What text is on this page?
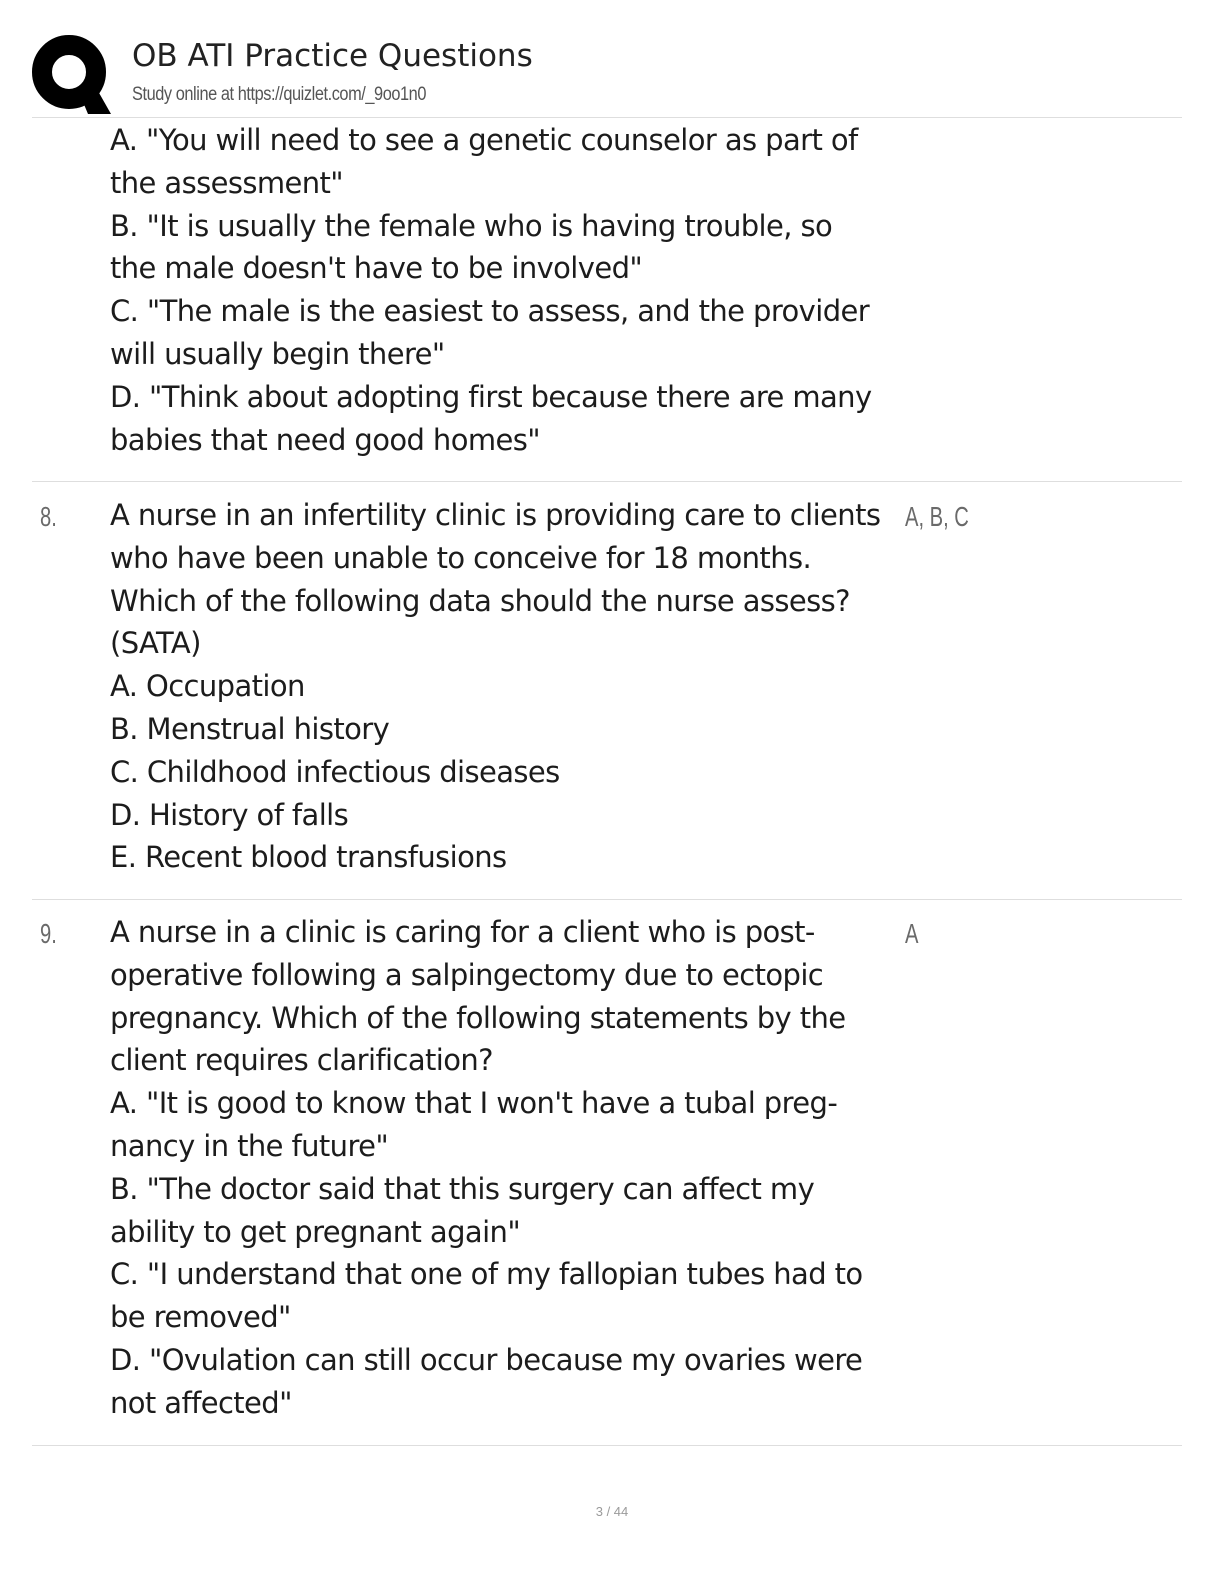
OB ATI Practice Questions
Study online at https://quizlet.com/_9oo1n0
A. "You will need to see a genetic counselor as part of
the assessment"
B. "It is usually the female who is having trouble, so
the male doesn't have to be involved"
C. "The male is the easiest to assess, and the provider
will usually begin there"
D. "Think about adopting first because there are many
babies that need good homes"
8. A nurse in an infertility clinic is providing care to clients
who have been unable to conceive for 18 months.
Which of the following data should the nurse assess?
(SATA)
A. Occupation
B. Menstrual history
C. Childhood infectious diseases
D. History of falls
E. Recent blood transfusions
A, B, C
9. A nurse in a clinic is caring for a client who is post-
operative following a salpingectomy due to ectopic
pregnancy. Which of the following statements by the
client requires clarification?
A. "It is good to know that I won't have a tubal preg-
nancy in the future"
B. "The doctor said that this surgery can affect my
ability to get pregnant again"
C. "I understand that one of my fallopian tubes had to
be removed"
D. "Ovulation can still occur because my ovaries were
not affected"
A
3 / 44
